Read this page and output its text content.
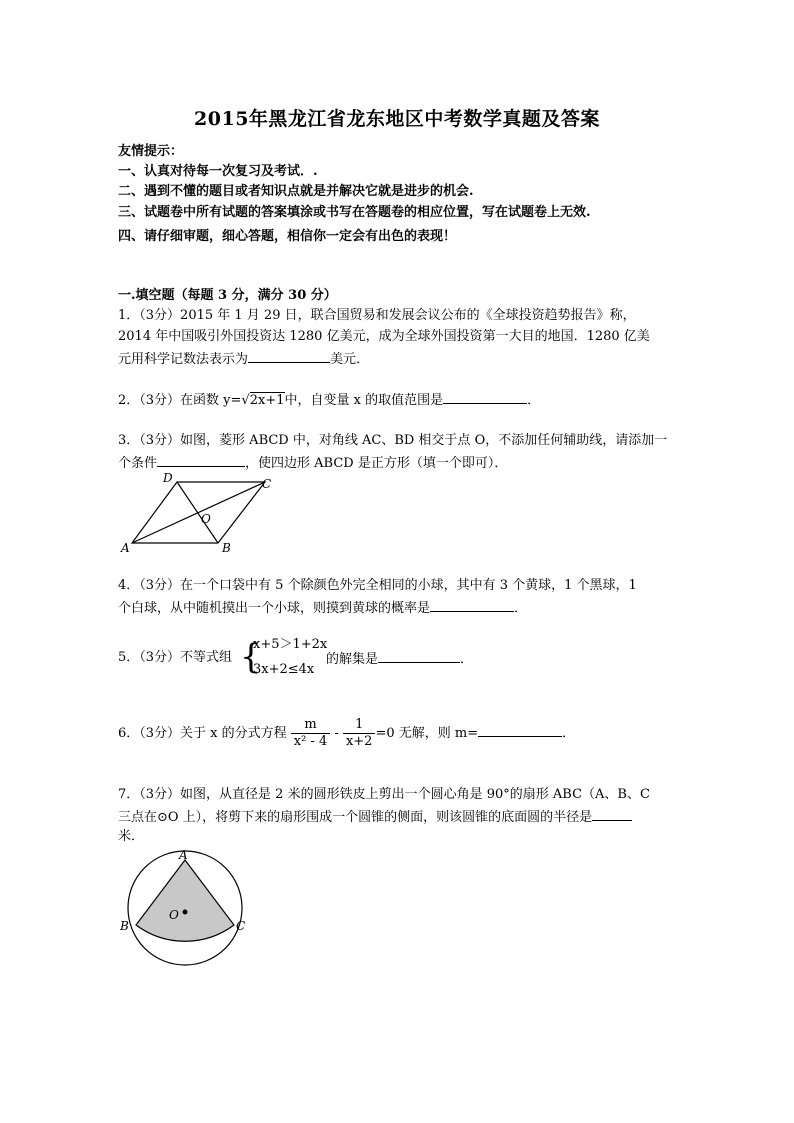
2015年黑龙江省龙东地区中考数学真题及答案
友情提示：
一、认真对待每一次复习及考试．.
二、遇到不懂的题目或者知识点就是并解决它就是进步的机会.
三、试题卷中所有试题的答案填涂或书写在答题卷的相应位置，写在试题卷上无效.
四、请仔细审题，细心答题，相信你一定会有出色的表现！
一.填空题（每题 3 分，满分 30 分）
1．（3分）2015 年 1 月 29 日，联合国贸易和发展会议公布的《全球投资趋势报告》称，
2014 年中国吸引外国投资达 1280 亿美元，成为全球外国投资第一大目的地国．1280 亿美
元用科学记数法表示为	美元．
2．（3分）在函数 y=√2x+1中，自变量 x 的取值范围是	．
3．（3分）如图，菱形 ABCD 中，对角线 AC、BD 相交于点 O，不添加任何辅助线，请添加一
个条件	，使四边形 ABCD 是正方形（填一个即可）．
A	B
C
D
O
4．（3分）在一个口袋中有 5 个除颜色外完全相同的小球，其中有 3 个黄球，1 个黑球，1
个白球，从中随机摸出一个小球，则摸到黄球的概率是	．
5．（3分）不等式组 {
x+5＞1+2x
3x+2≤4x
的解集是	．
6．（3分）关于 x 的分式方程 $\frac{m}{\text{x² - 4}} - \frac{1}{x+2} =0$ 无解，则 m=	．
7．（3分）如图，从直径是 2 米的圆形铁皮上剪出一个圆心角是 90°的扇形 ABC（A、B、C
三点在⊙O 上），将剪下来的扇形围成一个圆锥的侧面，则该圆锥的底面圆的半径是
米．
A
B	C
O
